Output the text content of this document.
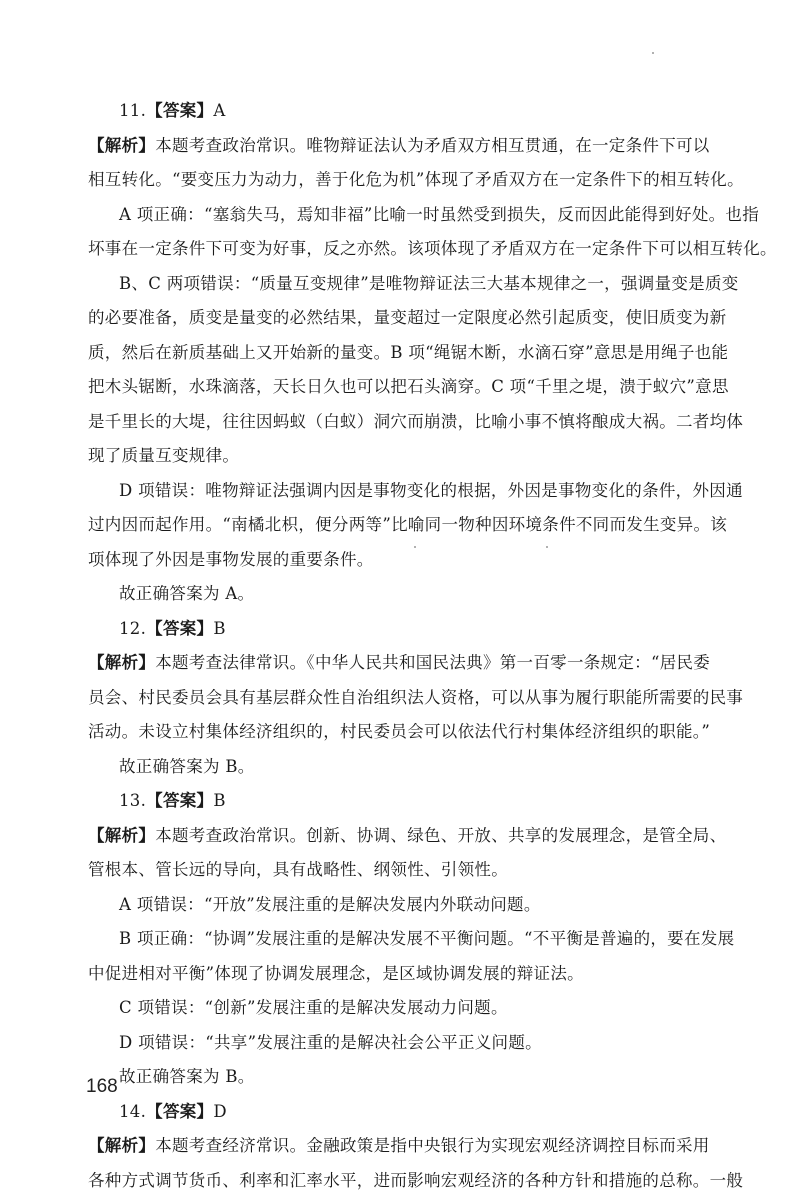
11.【答案】A
【解析】本题考查政治常识。唯物辩证法认为矛盾双方相互贯通，在一定条件下可以
相互转化。“要变压力为动力，善于化危为机”体现了矛盾双方在一定条件下的相互转化。
A 项正确：“塞翁失马，焉知非福”比喻一时虽然受到损失，反而因此能得到好处。也指
坏事在一定条件下可变为好事，反之亦然。该项体现了矛盾双方在一定条件下可以相互转化。
B、C 两项错误：“质量互变规律”是唯物辩证法三大基本规律之一，强调量变是质变
的必要准备，质变是量变的必然结果，量变超过一定限度必然引起质变，使旧质变为新
质，然后在新质基础上又开始新的量变。B 项“绳锯木断，水滴石穿”意思是用绳子也能
把木头锯断，水珠滴落，天长日久也可以把石头滴穿。C 项“千里之堤，溃于蚁穴”意思
是千里长的大堤，往往因蚂蚁（白蚁）洞穴而崩溃，比喻小事不慎将酿成大祸。二者均体
现了质量互变规律。
D 项错误：唯物辩证法强调内因是事物变化的根据，外因是事物变化的条件，外因通
过内因而起作用。“南橘北枳，便分两等”比喻同一物种因环境条件不同而发生变异。该
项体现了外因是事物发展的重要条件。
故正确答案为 A。
12.【答案】B
【解析】本题考查法律常识。《中华人民共和国民法典》第一百零一条规定：“居民委
员会、村民委员会具有基层群众性自治组织法人资格，可以从事为履行职能所需要的民事
活动。未设立村集体经济组织的，村民委员会可以依法代行村集体经济组织的职能。”
故正确答案为 B。
13.【答案】B
【解析】本题考查政治常识。创新、协调、绿色、开放、共享的发展理念，是管全局、
管根本、管长远的导向，具有战略性、纲领性、引领性。
A 项错误：“开放”发展注重的是解决发展内外联动问题。
B 项正确：“协调”发展注重的是解决发展不平衡问题。“不平衡是普遍的，要在发展
中促进相对平衡”体现了协调发展理念，是区域协调发展的辩证法。
C 项错误：“创新”发展注重的是解决发展动力问题。
D 项错误：“共享”发展注重的是解决社会公平正义问题。
故正确答案为 B。
14.【答案】D
【解析】本题考查经济常识。金融政策是指中央银行为实现宏观经济调控目标而采用
各种方式调节货币、利率和汇率水平，进而影响宏观经济的各种方针和措施的总称。一般
168
